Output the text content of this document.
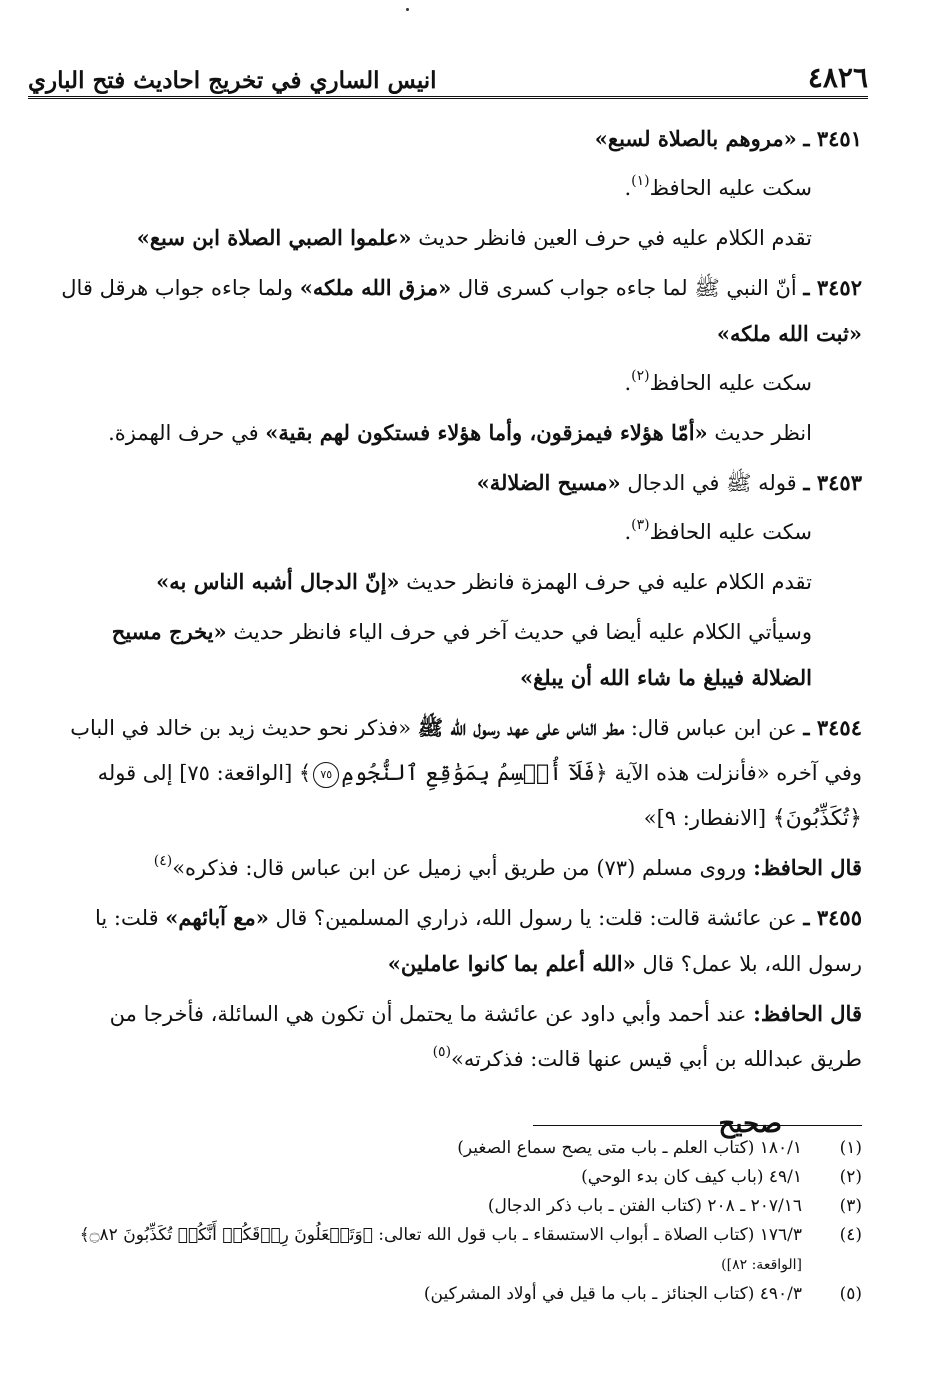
٤٨٢٦
انيس الساري في تخريج احاديث فتح الباري
٣٤٥١ ـ «مروهم بالصلاة لسبع»
سكت عليه الحافظ$^{(١)}$.
تقدم الكلام عليه في حرف العين فانظر حديث «علموا الصبي الصلاة ابن سبع»
٣٤٥٢ ـ أنّ النبي ﷺ لما جاءه جواب كسرى قال «مزق الله ملكه» ولما جاءه جواب هرقل قال «ثبت الله ملكه»
سكت عليه الحافظ$^{(٢)}$.
انظر حديث «أمّا هؤلاء فيمزقون، وأما هؤلاء فستكون لهم بقية» في حرف الهمزة.
٣٤٥٣ ـ قوله ﷺ في الدجال «مسيح الضلالة»
سكت عليه الحافظ$^{(٣)}$.
تقدم الكلام عليه في حرف الهمزة فانظر حديث «إنّ الدجال أشبه الناس به»
وسيأتي الكلام عليه أيضا في حديث آخر في حرف الياء فانظر حديث «يخرج مسيح الضلالة فيبلغ ما شاء الله أن يبلغ»
٣٤٥٤ ـ عن ابن عباس قال: مطر الناس على عهد رسول الله ﷺ «فذكر نحو حديث زيد بن خالد في الباب وفي آخره «فأنزلت هذه الآية ﴿فَلَآ أُقۡسِمُ بِمَوَٰقِعِ ٱلنُّجُومِ٧٥﴾ [الواقعة: ٧٥] إلى قوله ﴿تُكَذِّبُونَ﴾ [الانفطار: ٩]»
قال الحافظ: وروى مسلم (٧٣) من طريق أبي زميل عن ابن عباس قال: فذكره»$^{(٤)}$
٣٤٥٥ ـ عن عائشة قالت: قلت: يا رسول الله، ذراري المسلمين؟ قال «مع آبائهم» قلت: يا رسول الله، بلا عمل؟ قال «الله أعلم بما كانوا عاملين»
قال الحافظ: عند أحمد وأبي داود عن عائشة ما يحتمل أن تكون هي السائلة، فأخرجا من طريق عبدالله بن أبي قيس عنها قالت: فذكرته»$^{(٥)}$
صحيح
(١)
١٨٠/١ (كتاب العلم ـ باب متى يصح سماع الصغير)
(٢)
٤٩/١ (باب كيف كان بدء الوحي)
(٣)
٢٠٧/١٦ ـ ٢٠٨ (كتاب الفتن ـ باب ذكر الدجال)
(٤)
١٧٦/٣ (كتاب الصلاة ـ أبواب الاستسقاء ـ باب قول الله تعالى: ﴿وَتَجۡعَلُونَ رِزۡقَكُمۡ أَنَّكُمۡ تُكَذِّبُونَ ۝٨٢﴾
[الواقعة: ٨٢])
(٥)
٤٩٠/٣ (كتاب الجنائز ـ باب ما قيل في أولاد المشركين)
